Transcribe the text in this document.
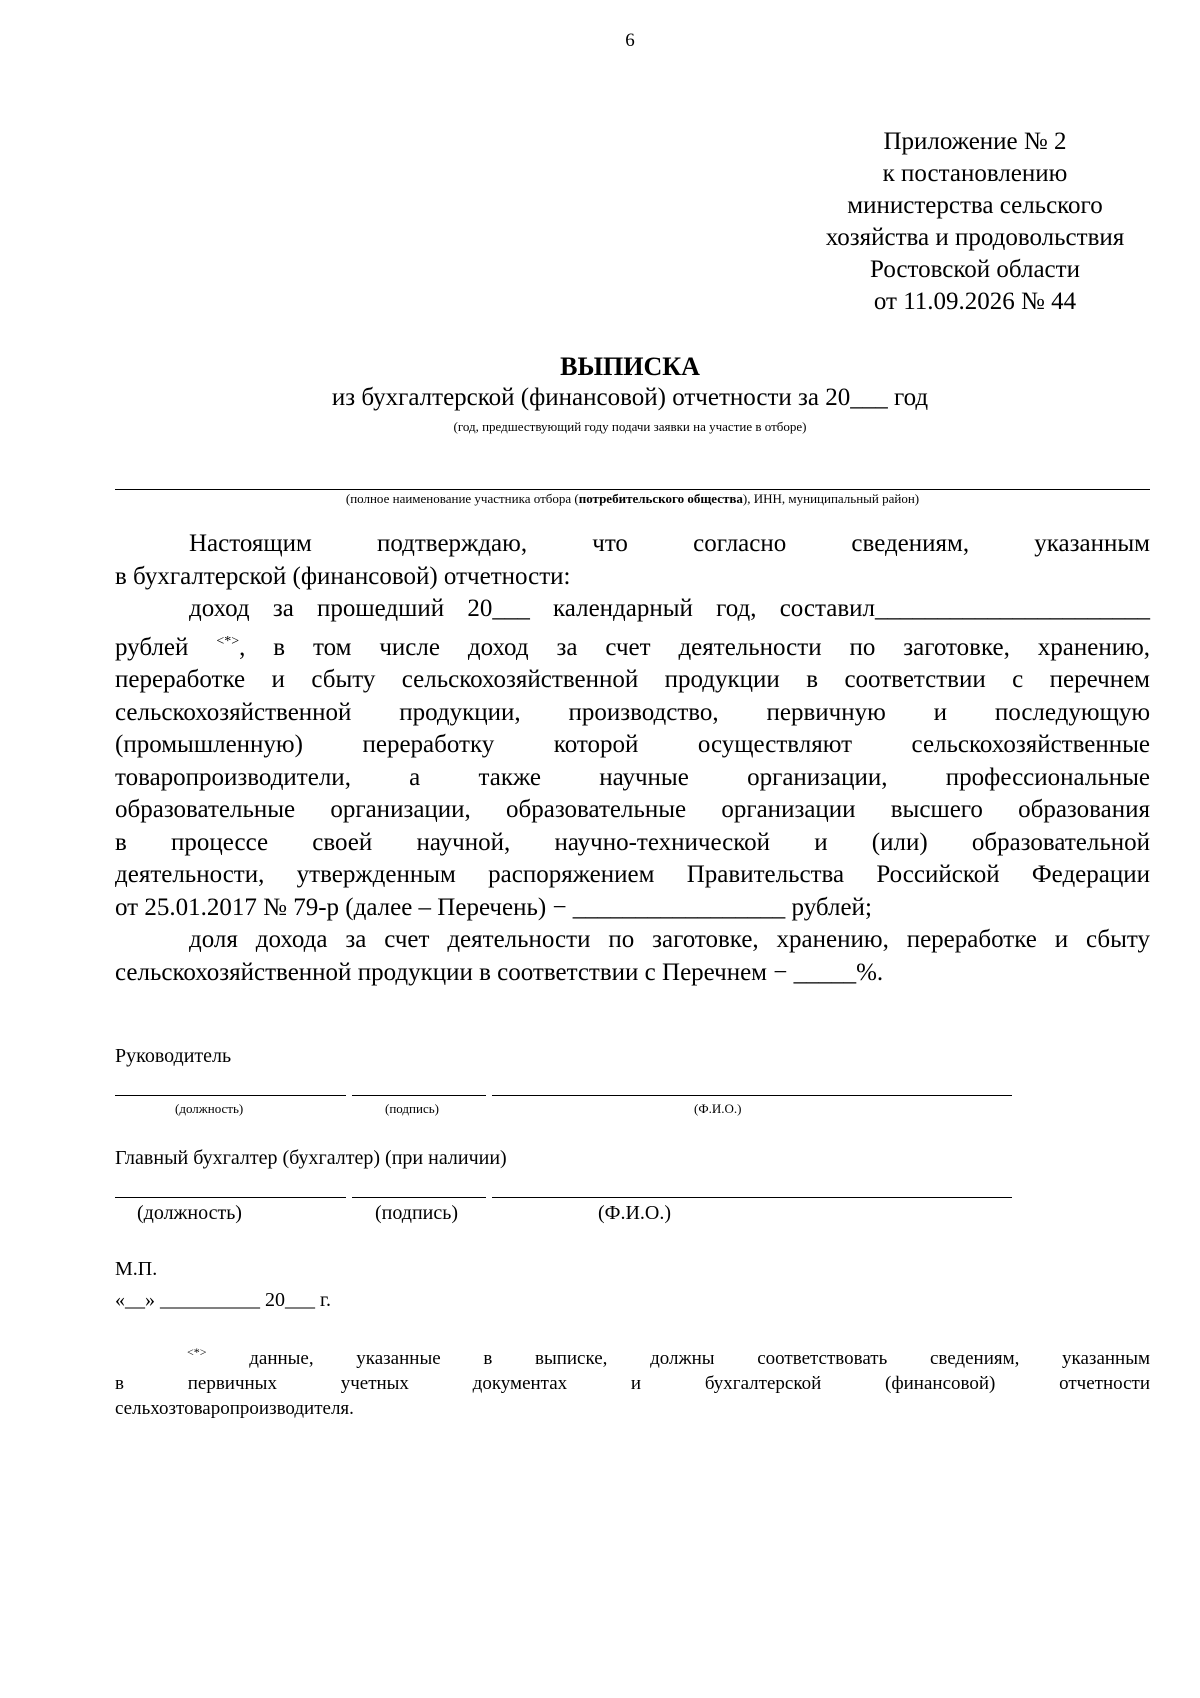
6
Приложение № 2
к постановлению
министерства сельского
хозяйства и продовольствия
Ростовской области
от 11.09.2026 № 44
ВЫПИСКА
из бухгалтерской (финансовой) отчетности за 20___ год
(год, предшествующий году подачи заявки на участие в отборе)
(полное наименование участника отбора (потребительского общества), ИНН, муниципальный район)

Настоящим подтверждаю, что согласно сведениям, указанным

в бухгалтерской (финансовой) отчетности:

доход за прошедший 20___ календарный год, составил______________________

рублей <*>, в том числе доход за счет деятельности по заготовке, хранению,

переработке и сбыту сельскохозяйственной продукции в соответствии с перечнем

сельскохозяйственной продукции, производство, первичную и последующую

(промышленную) переработку которой осуществляют сельскохозяйственные

товаропроизводители, а также научные организации, профессиональные

образовательные организации, образовательные организации высшего образования

в процессе своей научной, научно-технической и (или) образовательной

деятельности, утвержденным распоряжением Правительства Российской Федерации

от 25.01.2017 № 79-р (далее – Перечень) − _________________ рублей;

доля дохода за счет деятельности по заготовке, хранению, переработке и сбыту

сельскохозяйственной продукции в соответствии с Перечнем − _____%.

Руководитель
(должность)	(подпись)	(Ф.И.О.)
Главный бухгалтер (бухгалтер) (при наличии)
(должность)	(подпись)	(Ф.И.О.)
М.П.
«__» __________ 20___ г.

<*> данные, указанные в выписке, должны соответствовать сведениям, указанным

в первичных учетных документах и бухгалтерской (финансовой) отчетности

сельхозтоваропроизводителя.
